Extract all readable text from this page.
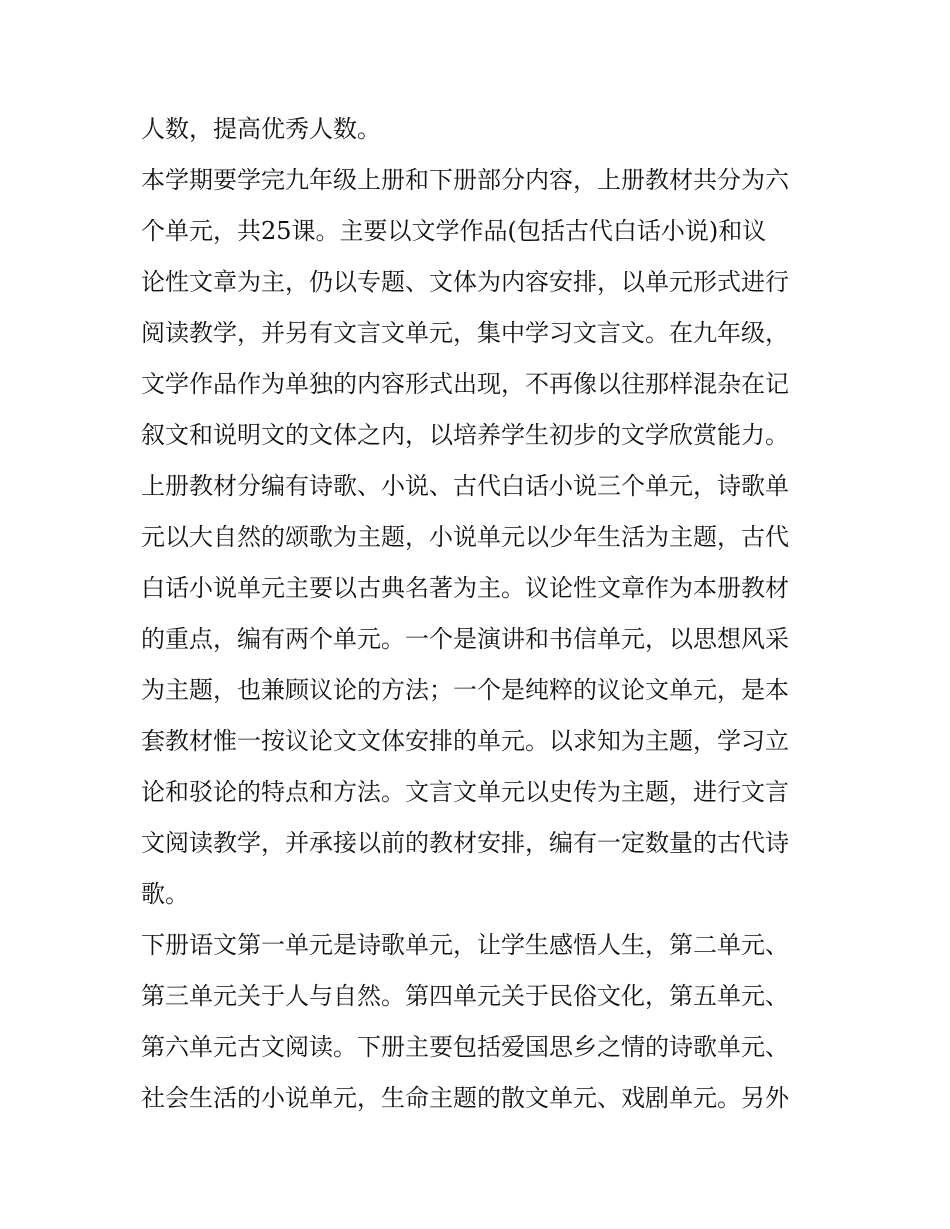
人数，提高优秀人数。
本学期要学完九年级上册和下册部分内容，上册教材共分为六
个单元，共25课。主要以文学作品(包括古代白话小说)和议
论性文章为主，仍以专题、文体为内容安排，以单元形式进行
阅读教学，并另有文言文单元，集中学习文言文。在九年级，
文学作品作为单独的内容形式出现，不再像以往那样混杂在记
叙文和说明文的文体之内，以培养学生初步的文学欣赏能力。
上册教材分编有诗歌、小说、古代白话小说三个单元，诗歌单
元以大自然的颂歌为主题，小说单元以少年生活为主题，古代
白话小说单元主要以古典名著为主。议论性文章作为本册教材
的重点，编有两个单元。一个是演讲和书信单元，以思想风采
为主题，也兼顾议论的方法；一个是纯粹的议论文单元，是本
套教材惟一按议论文文体安排的单元。以求知为主题，学习立
论和驳论的特点和方法。文言文单元以史传为主题，进行文言
文阅读教学，并承接以前的教材安排，编有一定数量的古代诗
歌。
下册语文第一单元是诗歌单元，让学生感悟人生，第二单元、
第三单元关于人与自然。第四单元关于民俗文化，第五单元、
第六单元古文阅读。下册主要包括爱国思乡之情的诗歌单元、
社会生活的小说单元，生命主题的散文单元、戏剧单元。另外
